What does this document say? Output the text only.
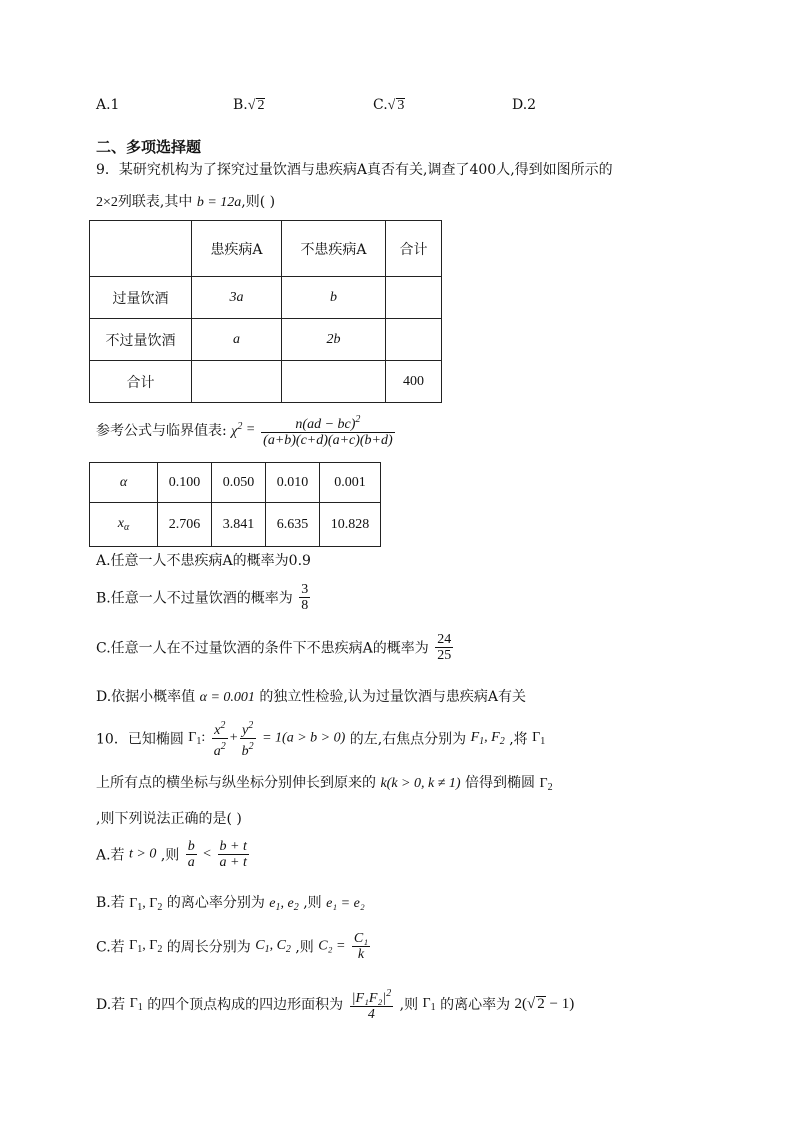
A.1	B.√ 2	C.√ 3	D.2
二、多项选择题
9．某研究机构为了探究过量饮酒与患疾病A真否有关,调查了400人,得到如图所示的
2×2列联表,其中 b = 12a,则( )
	患疾病A	不患疾病A	合计
过量饮酒	3a	b	
不过量饮酒	a	2b	
合计			400
参考公式与临界值表: $\chi^2 = \frac{n(ad - bc)^2}{(a+b)(c+d)(a+c)(b+d)}$
α	0.100	0.050	0.010	0.001
$x_\alpha$	2.706	3.841	6.635	10.828
A.任意一人不患疾病A的概率为0.9
B.任意一人不过量饮酒的概率为 $\frac{3}{8}$
C.任意一人在不过量饮酒的条件下不患疾病A的概率为 $\frac{24}{25}$
D.依据小概率值 α = 0.001 的独立性检验,认为过量饮酒与患疾病A有关
10．已知椭圆 $\Gamma_1$: $\frac{x^2}{a^2} + \frac{y^2}{b^2} = 1(a > b > 0)$ 的左,右焦点分别为 $F_1$, $F_2$ ,将 $\Gamma_1$
上所有点的横坐标与纵坐标分别伸长到原来的 k(k > 0, k ≠ 1) 倍得到椭圆 $\Gamma_2$
,则下列说法正确的是( )
A.若 t > 0 ,则 $\frac{b}{a} < \frac{b + t}{a + t}$
B.若 $\Gamma_1$, $\Gamma_2$ 的离心率分别为 $e_1$, $e_2$ ,则 e₁ = e₂
C.若 $\Gamma_1$, $\Gamma_2$ 的周长分别为 $C_1$, $C_2$ ,则 $C_2 = \frac{\text{C₁}}{k}$
D.若 $\Gamma_1$ 的四个顶点构成的四边形面积为 $\frac{|F_1F_2|^2}{4}$ ,则 $\Gamma_1$ 的离心率为 2(√ 2 − 1)
